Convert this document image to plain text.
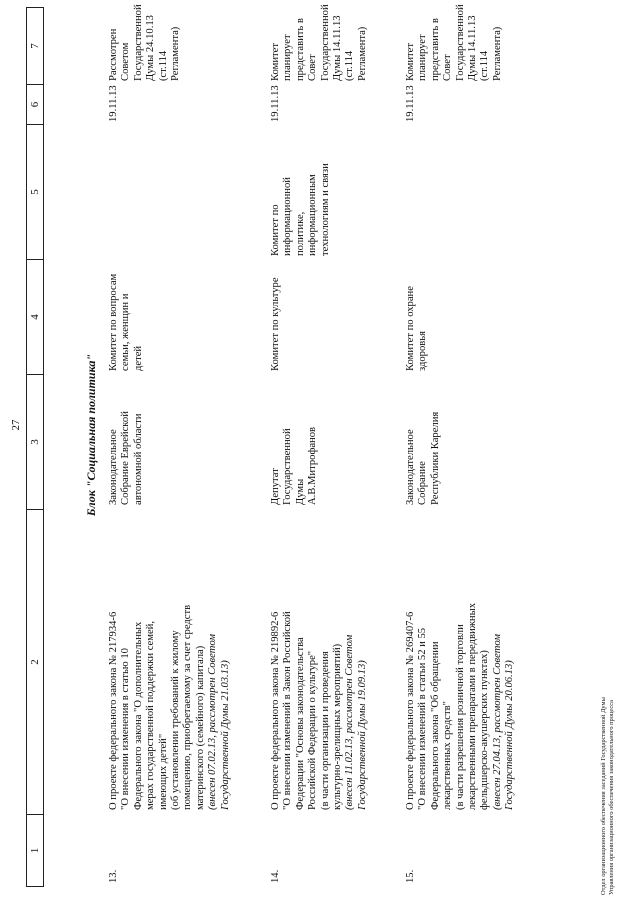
27
1
2
3
4
5
6
7
Блок "Социальная политика"
13.
О проекте федерального закона № 217934-6
"О внесении изменения в статью 10
Федерального закона "О дополнительных
мерах государственной поддержки семей,
имеющих детей"
(об установлении требований к жилому
помещению, приобретаемому за счет средств
материнского (семейного) капитала)
(внесен 07.02.13, рассмотрен Советом
Государственной Думы 21.03.13)
Законодательное
Собрание Еврейской
автономной области
Комитет по вопросам
семьи, женщин и
детей
19.11.13
Рассмотрен
Советом
Государственной
Думы 24.10.13
(ст.114 Регламента)
14.
О проекте федерального закона № 219892-6
"О внесении изменений в Закон Российской
Федерации "Основы законодательства
Российской Федерации о культуре"
(в части организации и проведения
культурно-зрелищных мероприятий)
(внесен 11.02.13, рассмотрен Советом
Государственной Думы 19.09.13)
Депутат
Государственной
Думы
А.В.Митрофанов
Комитет по культуре
Комитет по
информационной
политике,
информационным
технологиям и связи
19.11.13
Комитет планирует
представить в Совет
Государственной
Думы 14.11.13
(ст.114 Регламента)
15.
О проекте федерального закона № 269407-6
"О внесении изменений в статьи 52 и 55
Федерального закона "Об обращении
лекарственных средств"
(в части разрешения розничной торговли
лекарственными препаратами в передвижных
фельдшерско-акушерских пунктах)
(внесен 27.04.13, рассмотрен Советом
Государственной Думы 20.06.13)
Законодательное
Собрание
Республики Карелия
Комитет по охране
здоровья
19.11.13
Комитет планирует
представить в Совет
Государственной
Думы 14.11.13
(ст.114 Регламента)
Отдел организационного обеспечения заседаний Государственной Думы Управления организационного обеспечения законодательного процесса
